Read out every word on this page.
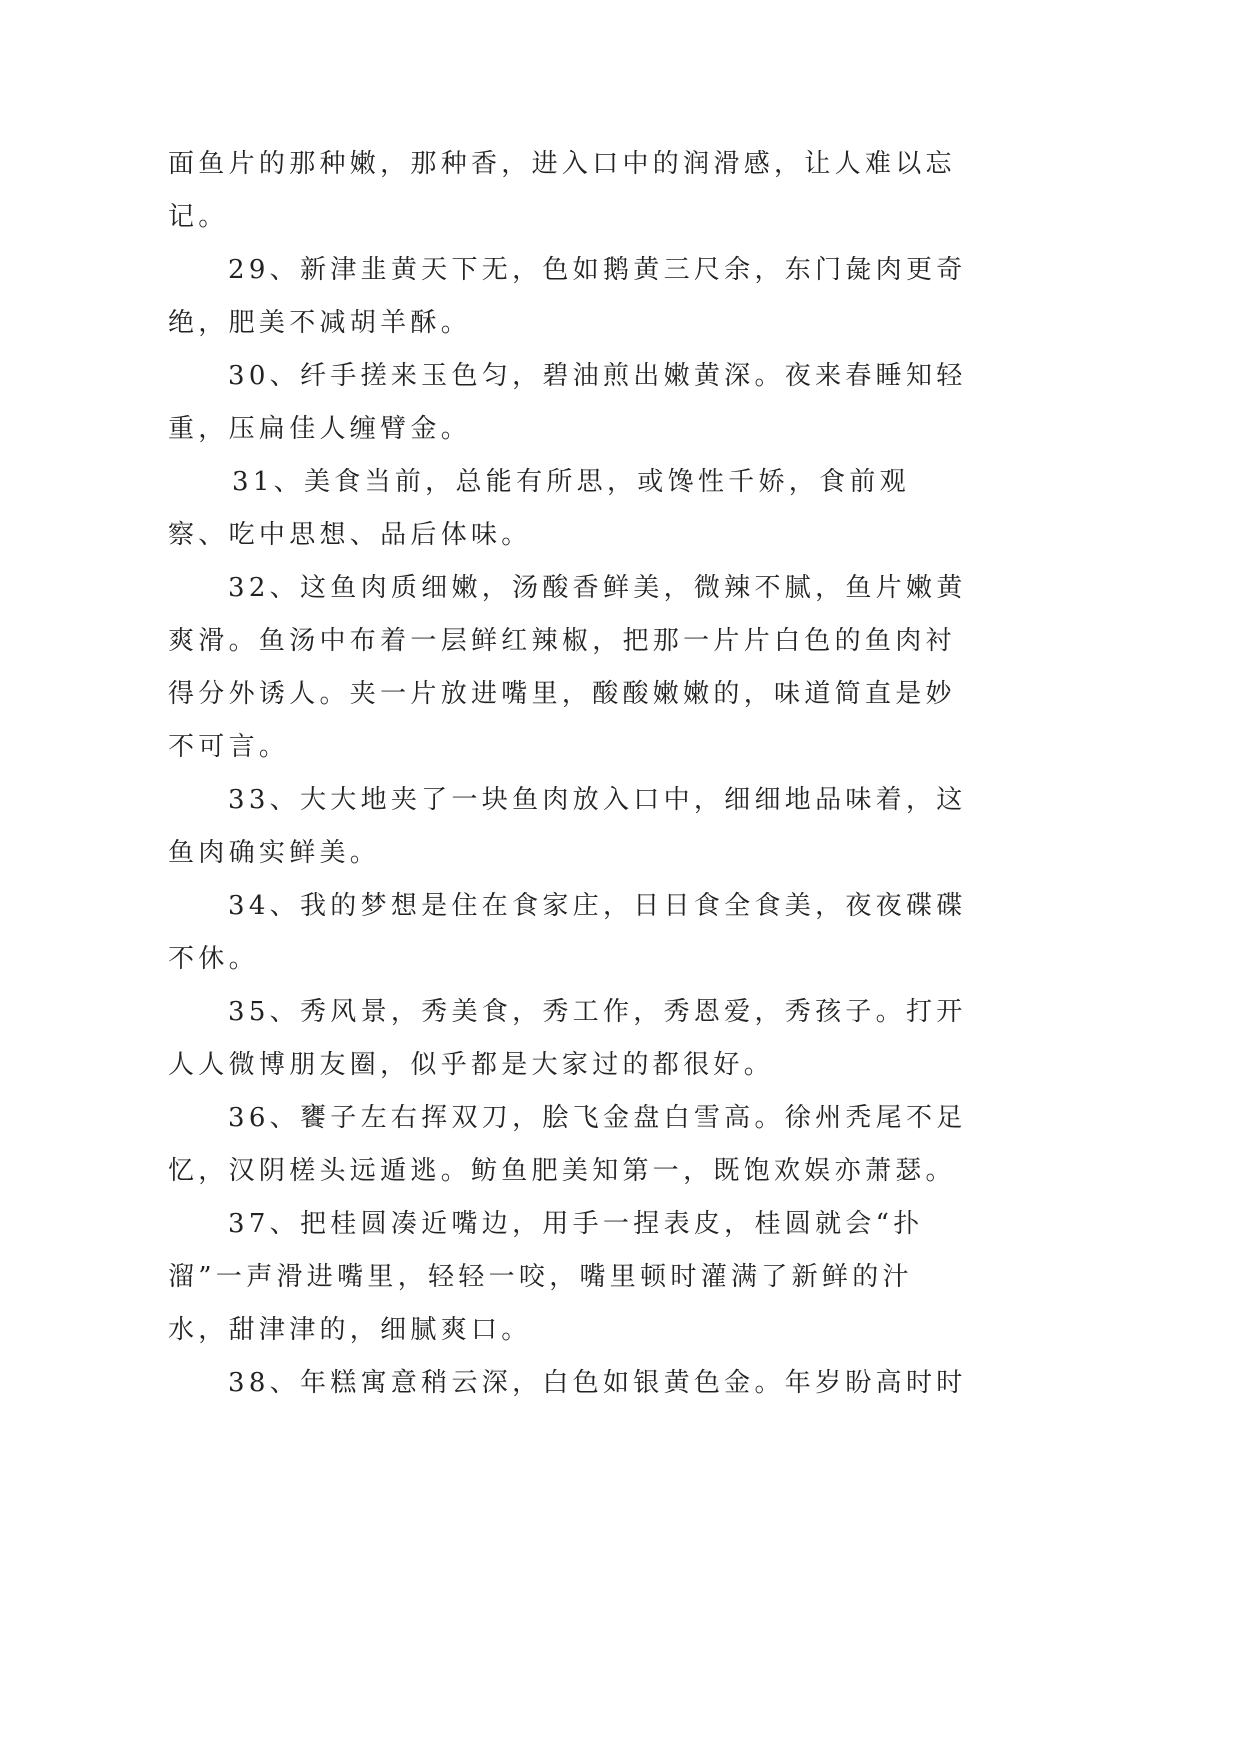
面鱼片的那种嫩，那种香，进入口中的润滑感，让人难以忘记。

29、新津韭黄天下无，色如鹅黄三尺余，东门彘肉更奇绝，肥美不减胡羊酥。

30、纤手搓来玉色匀，碧油煎出嫩黄深。夜来春睡知轻重，压扁佳人缠臂金。

31、美食当前，总能有所思，或馋性千娇，食前观察、吃中思想、品后体味。

32、这鱼肉质细嫩，汤酸香鲜美，微辣不腻，鱼片嫩黄爽滑。鱼汤中布着一层鲜红辣椒，把那一片片白色的鱼肉衬得分外诱人。夹一片放进嘴里，酸酸嫩嫩的，味道简直是妙不可言。

33、大大地夹了一块鱼肉放入口中，细细地品味着，这鱼肉确实鲜美。

34、我的梦想是住在食家庄，日日食全食美，夜夜碟碟不休。

35、秀风景，秀美食，秀工作，秀恩爱，秀孩子。打开人人微博朋友圈，似乎都是大家过的都很好。

36、饔子左右挥双刀，脍飞金盘白雪高。徐州秃尾不足忆，汉阴槎头远遁逃。鲂鱼肥美知第一，既饱欢娱亦萧瑟。

37、把桂圆凑近嘴边，用手一捏表皮，桂圆就会“扑溜”一声滑进嘴里，轻轻一咬，嘴里顿时灌满了新鲜的汁水，甜津津的，细腻爽口。

38、年糕寓意稍云深，白色如银黄色金。年岁盼高时时
